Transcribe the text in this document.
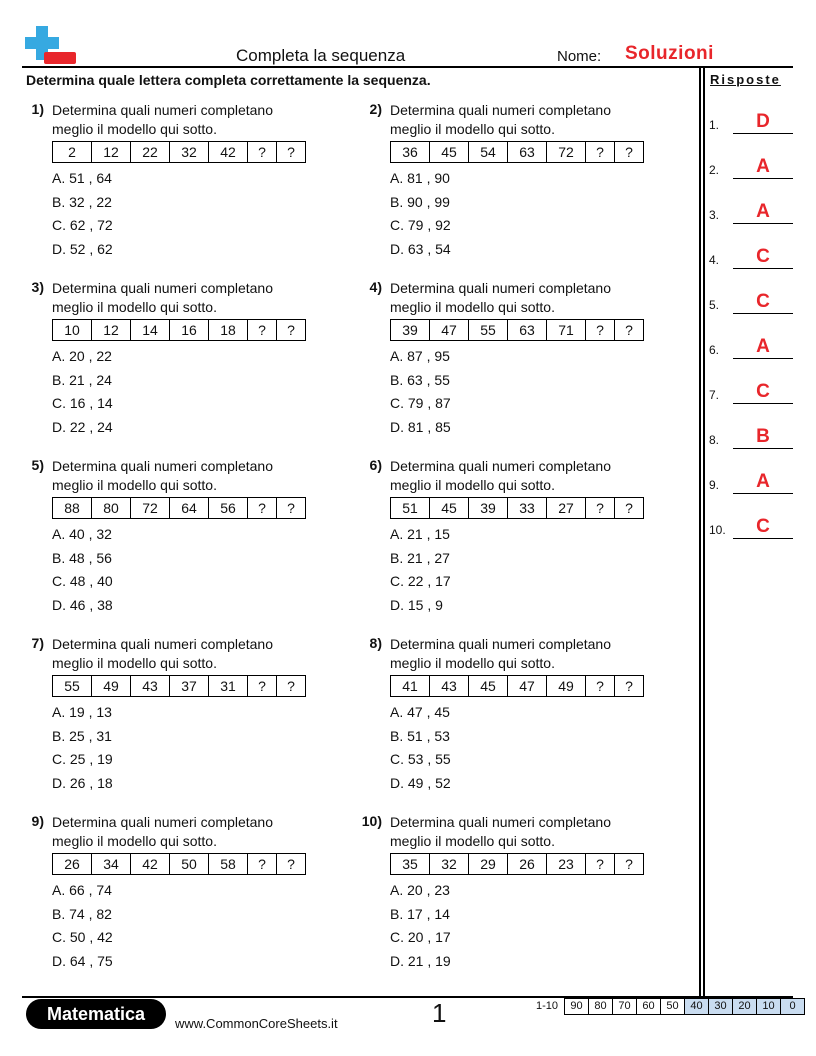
Completa la sequenza	Nome: Soluzioni
Determina quale lettera completa correttamente la sequenza.	Risposte
1.	D
2.	A
3.	A
4.	C
5.	C
6.	A
7.	C
8.	B
9.	A
10.	C
1) Determina quali numeri completano
meglio il modello qui sotto.
2	12	22	32	42	?	?
A. 51 , 64
B. 32 , 22
C. 62 , 72
D. 52 , 62
2) Determina quali numeri completano
meglio il modello qui sotto.
36	45	54	63	72	?	?
A. 81 , 90
B. 90 , 99
C. 79 , 92
D. 63 , 54
3) Determina quali numeri completano
meglio il modello qui sotto.
10	12	14	16	18	?	?
A. 20 , 22
B. 21 , 24
C. 16 , 14
D. 22 , 24
4) Determina quali numeri completano
meglio il modello qui sotto.
39	47	55	63	71	?	?
A. 87 , 95
B. 63 , 55
C. 79 , 87
D. 81 , 85
5) Determina quali numeri completano
meglio il modello qui sotto.
88	80	72	64	56	?	?
A. 40 , 32
B. 48 , 56
C. 48 , 40
D. 46 , 38
6) Determina quali numeri completano
meglio il modello qui sotto.
51	45	39	33	27	?	?
A. 21 , 15
B. 21 , 27
C. 22 , 17
D. 15 , 9
7) Determina quali numeri completano
meglio il modello qui sotto.
55	49	43	37	31	?	?
A. 19 , 13
B. 25 , 31
C. 25 , 19
D. 26 , 18
8) Determina quali numeri completano
meglio il modello qui sotto.
41	43	45	47	49	?	?
A. 47 , 45
B. 51 , 53
C. 53 , 55
D. 49 , 52
9) Determina quali numeri completano
meglio il modello qui sotto.
26	34	42	50	58	?	?
A. 66 , 74
B. 74 , 82
C. 50 , 42
D. 64 , 75
10) Determina quali numeri completano
meglio il modello qui sotto.
35	32	29	26	23	?	?
A. 20 , 23
B. 17 , 14
C. 20 , 17
D. 21 , 19
Matematica	www.CommonCoreSheets.it	1	1-10	90	80	70	60	50	40	30	20	10	0
